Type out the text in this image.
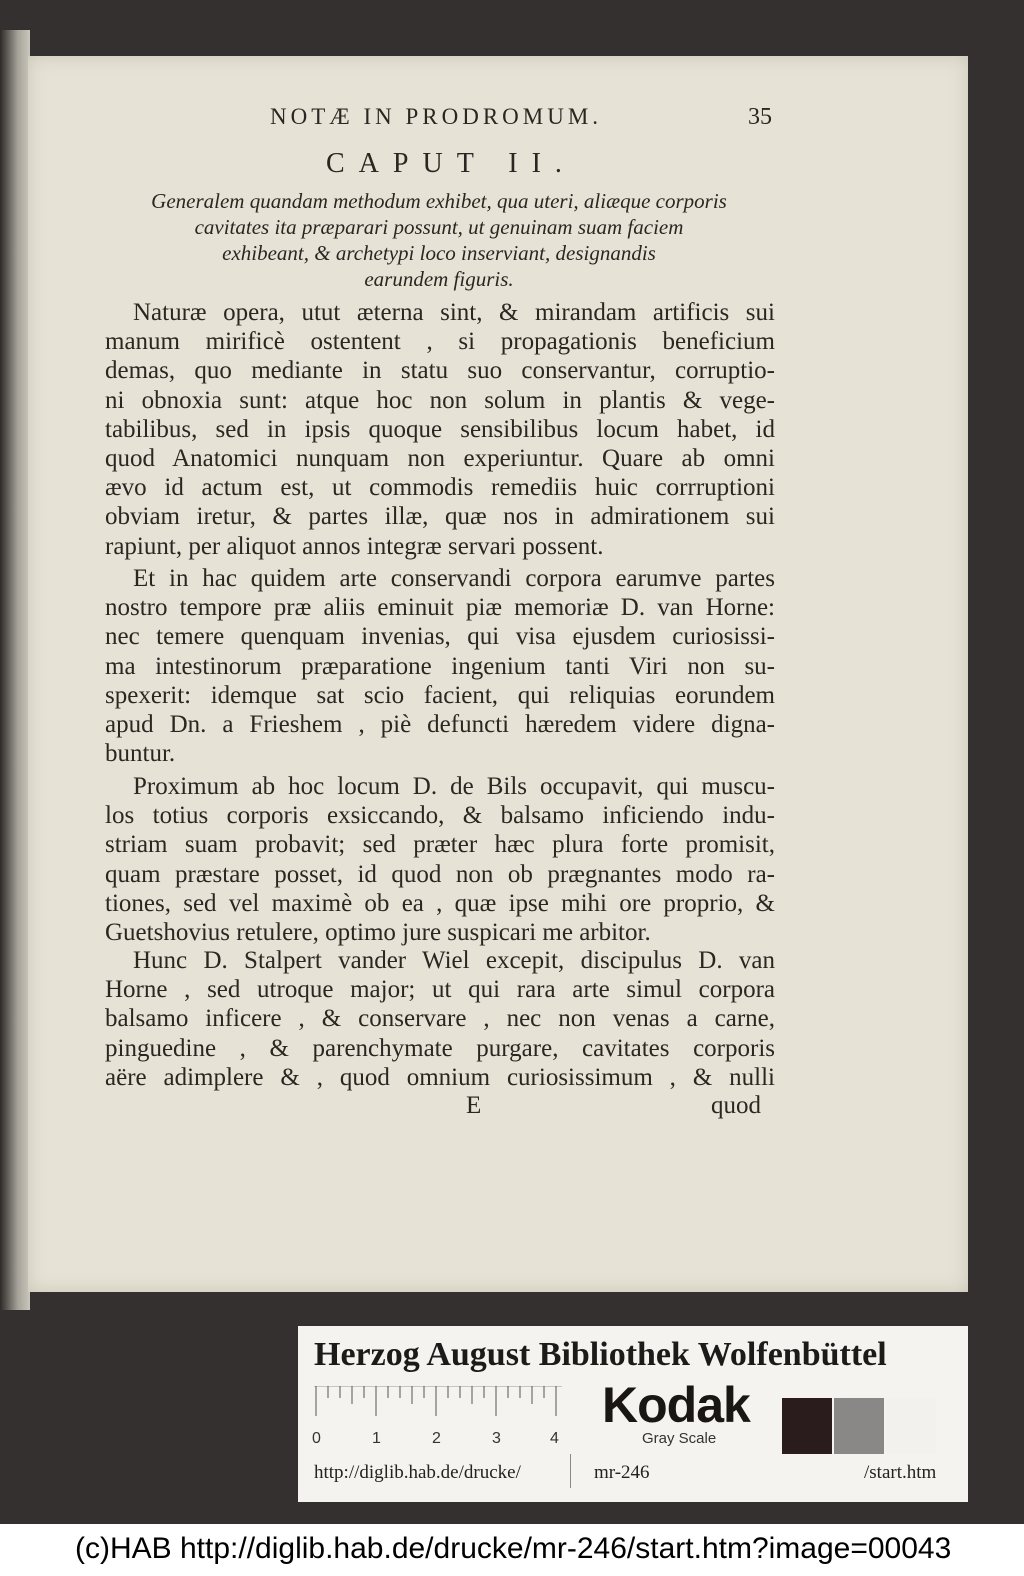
NOTÆ IN PRODROMUM.	35
CAPUT II.
Generalem quandam methodum exhibet, qua uteri, aliæque corporis
cavitates ita præparari possunt, ut genuinam suam faciem
exhibeant, & archetypi loco inserviant, designandis
earundem figuris.
Naturæ opera, utut æterna sint, & mirandam artificis sui
manum mirificè ostentent , si propagationis beneficium
demas, quo mediante in statu suo conservantur, corruptio-
ni obnoxia sunt: atque hoc non solum in plantis & vege-
tabilibus, sed in ipsis quoque sensibilibus locum habet, id
quod Anatomici nunquam non experiuntur. Quare ab omni
ævo id actum est, ut commodis remediis huic corrruptioni
obviam iretur, & partes illæ, quæ nos in admirationem sui
rapiunt, per aliquot annos integræ servari possent.
Et in hac quidem arte conservandi corpora earumve partes
nostro tempore præ aliis eminuit piæ memoriæ D. van Horne:
nec temere quenquam invenias, qui visa ejusdem curiosissi-
ma intestinorum præparatione ingenium tanti Viri non su-
spexerit: idemque sat scio facient, qui reliquias eorundem
apud Dn. a Frieshem , piè defuncti hæredem videre digna-
buntur.
Proximum ab hoc locum D. de Bils occupavit, qui muscu-
los totius corporis exsiccando, & balsamo inficiendo indu-
striam suam probavit; sed præter hæc plura forte promisit,
quam præstare posset, id quod non ob prægnantes modo ra-
tiones, sed vel maximè ob ea , quæ ipse mihi ore proprio, &
Guetshovius retulere, optimo jure suspicari me arbitor.
Hunc D. Stalpert vander Wiel excepit, discipulus D. van
Horne , sed utroque major; ut qui rara arte simul corpora
balsamo inficere , & conservare , nec non venas a carne,
pinguedine , & parenchymate purgare, cavitates corporis
aëre adimplere & , quod omnium curiosissimum , & nulli
E	quod
Herzog August Bibliothek Wolfenbüttel
0	1	2	3	4
Kodak
Gray Scale
http://diglib.hab.de/drucke/	mr-246	/start.htm
(c)HAB http://diglib.hab.de/drucke/mr-246/start.htm?image=00043
